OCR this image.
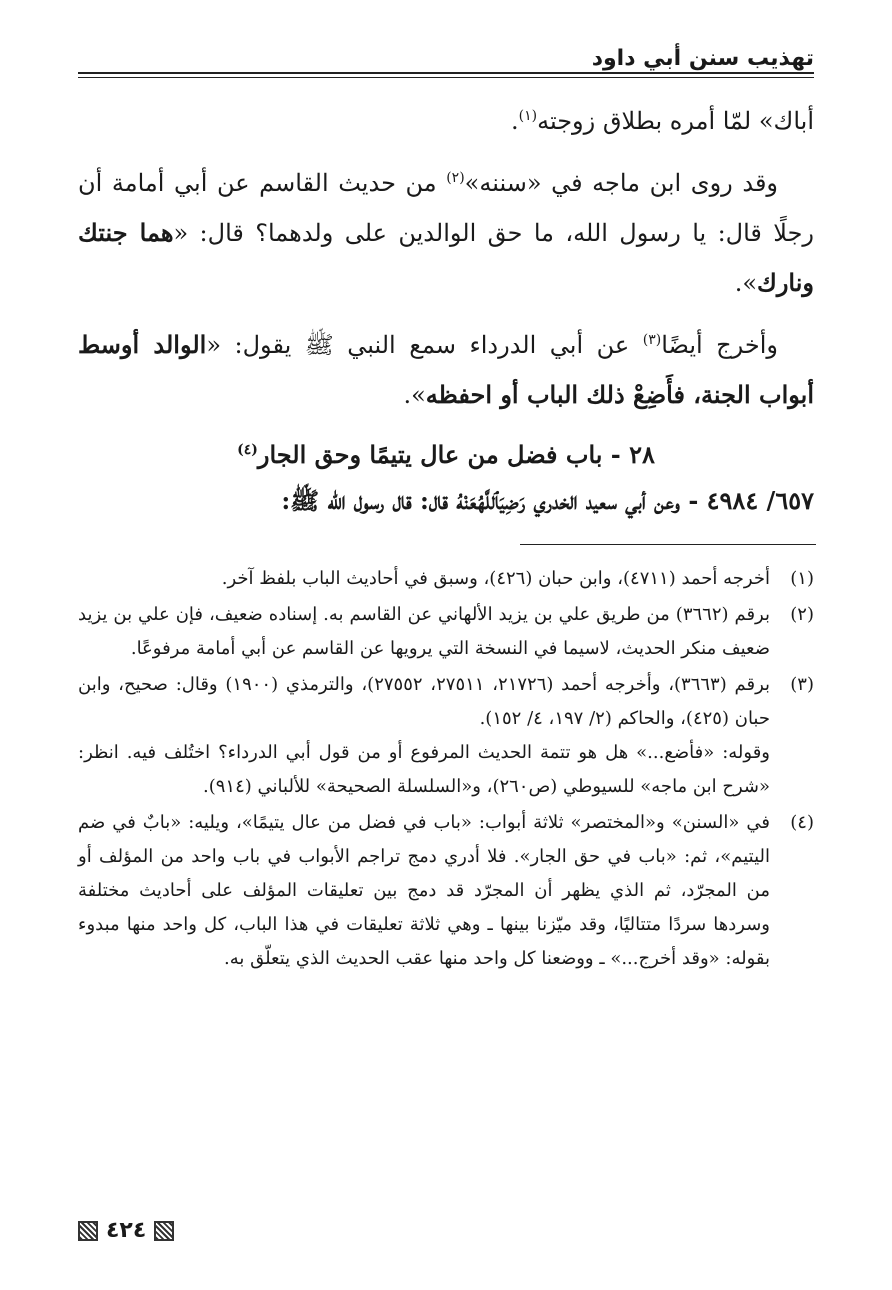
تهذيب سنن أبي داود

أباك» لمّا أمره بطلاق زوجته$^{(١)}$.

وقد روى ابن ماجه في «سننه»$^{(٢)}$ من حديث القاسم عن أبي أمامة أن رجلًا قال: يا رسول الله، ما حق الوالدين على ولدهما؟ قال: «هما جنتك ونارك».

وأخرج أيضًا$^{(٣)}$ عن أبي الدرداء سمع النبي ﷺ يقول: «الوالد أوسط أبواب الجنة، فأَضِعْ ذلك الباب أو احفظه».

٢٨ - باب فضل من عال يتيمًا وحق الجار$^{(٤)}$

٦٥٧/ ٤٩٨٤ - وعن أبي سعيد الخدري رَضِيَٱللَّهُعَنْهُ قال: قال رسول الله ﷺ:

(١)

أخرجه أحمد (٤٧١١)، وابن حبان (٤٢٦)، وسبق في أحاديث الباب بلفظ آخر.

(٢)

برقم (٣٦٦٢) من طريق علي بن يزيد الألهاني عن القاسم به. إسناده ضعيف، فإن علي بن يزيد ضعيف منكر الحديث، لاسيما في النسخة التي يرويها عن القاسم عن أبي أمامة مرفوعًا.

(٣)

برقم (٣٦٦٣)، وأخرجه أحمد (٢١٧٢٦، ٢٧٥١١، ٢٧٥٥٢)، والترمذي (١٩٠٠) وقال: صحيح، وابن حبان (٤٢٥)، والحاكم (٢/ ١٩٧، ٤/ ١٥٢).

وقوله: «فأضع...» هل هو تتمة الحديث المرفوع أو من قول أبي الدرداء؟ اختُلف فيه. انظر: «شرح ابن ماجه» للسيوطي (ص٢٦٠)، و«السلسلة الصحيحة» للألباني (٩١٤).

(٤)

في «السنن» و«المختصر» ثلاثة أبواب: «باب في فضل من عال يتيمًا»، ويليه: «بابٌ في ضم اليتيم»، ثم: «باب في حق الجار». فلا أدري دمج تراجم الأبواب في باب واحد من المؤلف أو من المجرّد، ثم الذي يظهر أن المجرّد قد دمج بين تعليقات المؤلف على أحاديث مختلفة وسردها سردًا متتاليًا، وقد ميّزنا بينها ـ وهي ثلاثة تعليقات في هذا الباب، كل واحد منها مبدوء بقوله: «وقد أخرج...» ـ ووضعنا كل واحد منها عقب الحديث الذي يتعلّق به.

٤٢٤
